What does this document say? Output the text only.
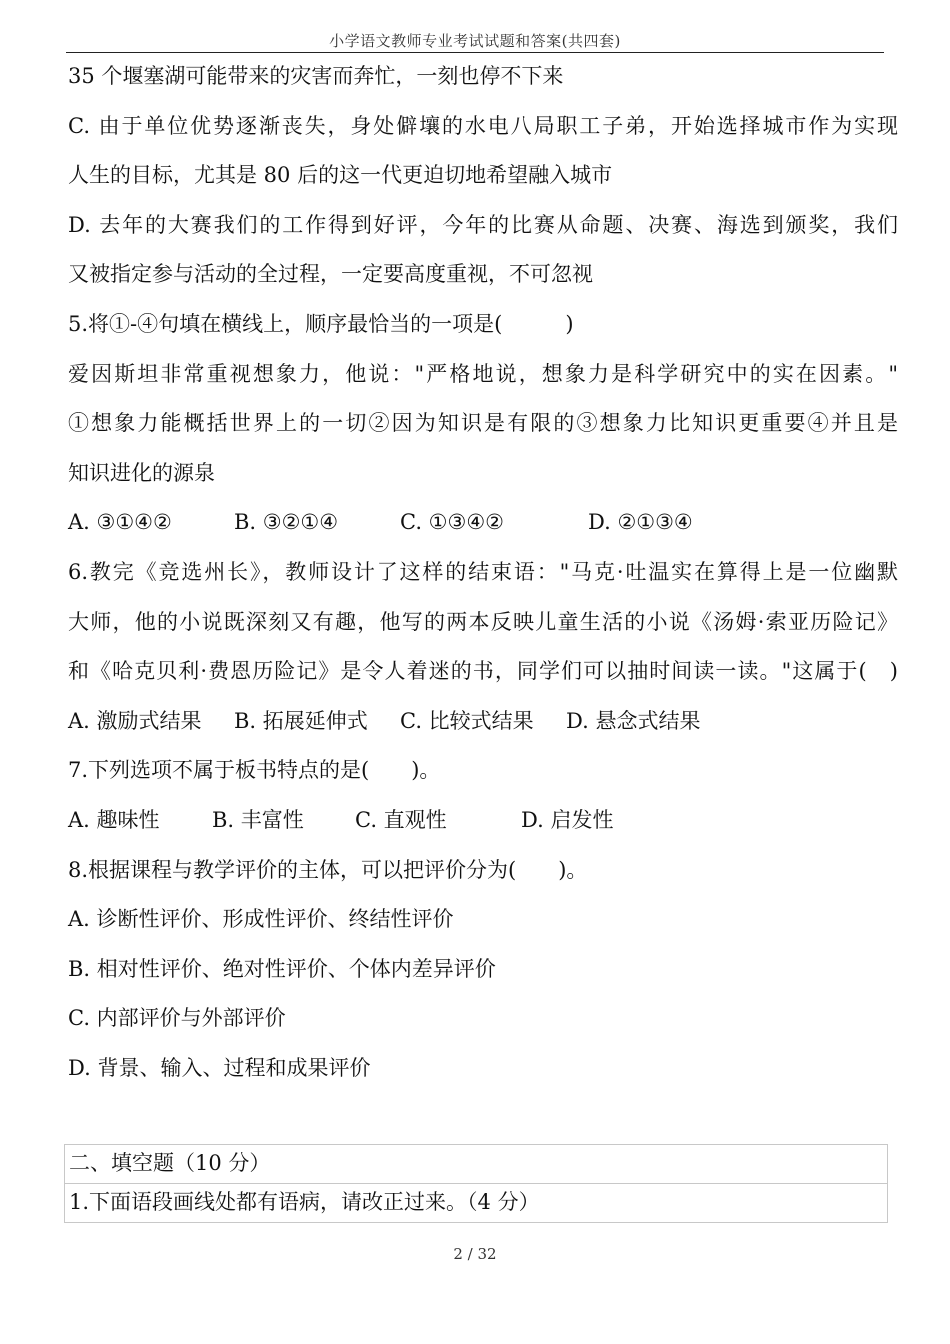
小学语文教师专业考试试题和答案(共四套)
35 个堰塞湖可能带来的灾害而奔忙，一刻也停不下来
C. 由于单位优势逐渐丧失，身处僻壤的水电八局职工子弟，开始选择城市作为实现
人生的目标，尤其是 80 后的这一代更迫切地希望融入城市
D. 去年的大赛我们的工作得到好评，今年的比赛从命题、决赛、海选到颁奖，我们
又被指定参与活动的全过程，一定要高度重视，不可忽视
5.将①-④句填在横线上，顺序最恰当的一项是(　　　)
爱因斯坦非常重视想象力，他说："严格地说，想象力是科学研究中的实在因素。"
①想象力能概括世界上的一切②因为知识是有限的③想象力比知识更重要④并且是
知识进化的源泉
A. ③①④②	B. ③②①④	C. ①③④②	D. ②①③④
6.教完《竞选州长》，教师设计了这样的结束语："马克·吐温实在算得上是一位幽默
大师，他的小说既深刻又有趣，他写的两本反映儿童生活的小说《汤姆·索亚历险记》
和《哈克贝利·费恩历险记》是令人着迷的书，同学们可以抽时间读一读。"这属于(　)
A. 激励式结果 B. 拓展延伸式 C. 比较式结果 D. 悬念式结果
7.下列选项不属于板书特点的是(　　)。
A. 趣味性 B. 丰富性 C. 直观性	D. 启发性
8.根据课程与教学评价的主体，可以把评价分为(　　)。
A. 诊断性评价、形成性评价、终结性评价
B. 相对性评价、绝对性评价、个体内差异评价
C. 内部评价与外部评价
D. 背景、输入、过程和成果评价
二、填空题（10 分）
1.下面语段画线处都有语病，请改正过来。（4 分）
2 / 32
